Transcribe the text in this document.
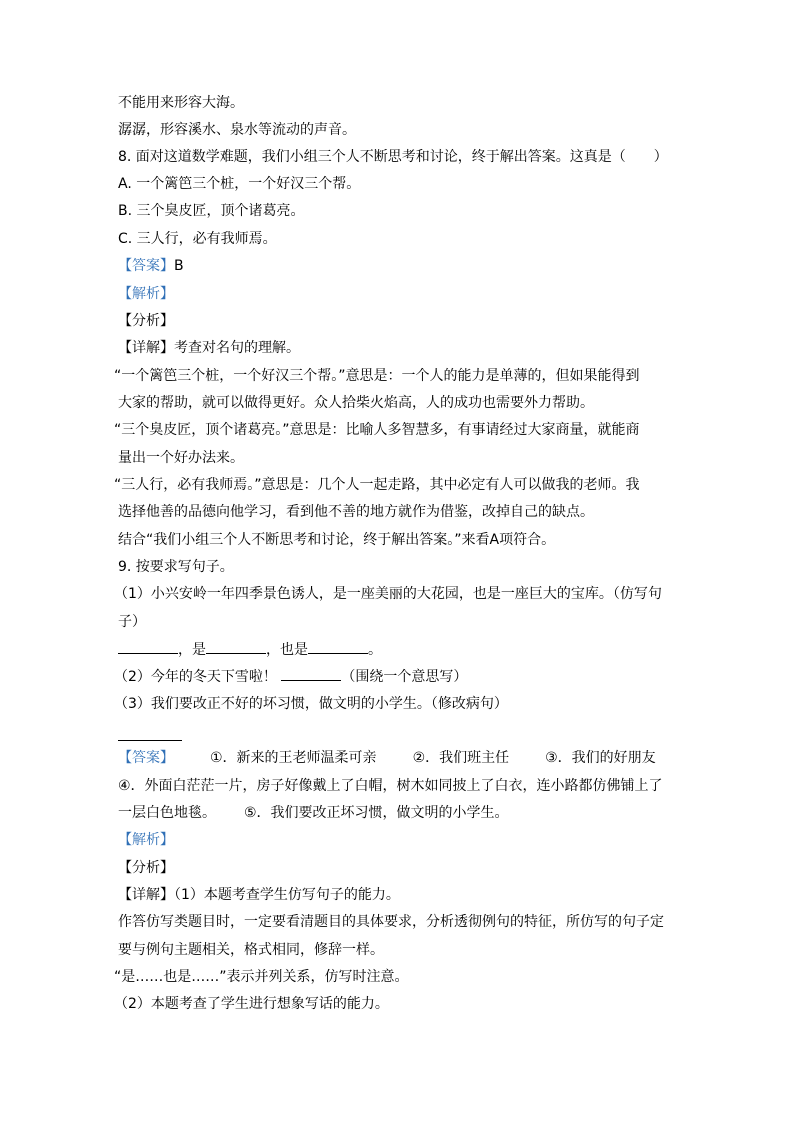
不能用来形容大海。
潺潺，形容溪水、泉水等流动的声音。
8. 面对这道数学难题，我们小组三个人不断思考和讨论，终于解出答案。这真是（　　）
A. 一个篱笆三个桩，一个好汉三个帮。
B. 三个臭皮匠，顶个诸葛亮。
C. 三人行，必有我师焉。
【答案】B
【解析】
【分析】
【详解】考查对名句的理解。
“一个篱笆三个桩，一个好汉三个帮。”意思是：一个人的能力是单薄的，但如果能得到
大家的帮助，就可以做得更好。众人拾柴火焰高，人的成功也需要外力帮助。
“三个臭皮匠，顶个诸葛亮。”意思是：比喻人多智慧多，有事请经过大家商量，就能商
量出一个好办法来。
“三人行，必有我师焉。”意思是：几个人一起走路，其中必定有人可以做我的老师。我
选择他善的品德向他学习，看到他不善的地方就作为借鉴，改掉自己的缺点。
结合“我们小组三个人不断思考和讨论，终于解出答案。”来看A项符合。
9. 按要求写句子。
（1）小兴安岭一年四季景色诱人，是一座美丽的大花园，也是一座巨大的宝库。（仿写句
子）
，是	，也是	。
（2）今年的冬天下雪啦！	（围绕一个意思写）
（3）我们要改正不好的坏习惯，做文明的小学生。（修改病句）
【答案】	①．新来的王老师温柔可亲	②．我们班主任	③．我们的好朋友
④．外面白茫茫一片，房子好像戴上了白帽，树木如同披上了白衣，连小路都仿佛铺上了
一层白色地毯。 ⑤．我们要改正坏习惯，做文明的小学生。
【解析】
【分析】
【详解】（1）本题考查学生仿写句子的能力。
作答仿写类题目时，一定要看清题目的具体要求，分析透彻例句的特征，所仿写的句子定
要与例句主题相关，格式相同，修辞一样。
“是……也是……”表示并列关系，仿写时注意。
（2）本题考查了学生进行想象写话的能力。
